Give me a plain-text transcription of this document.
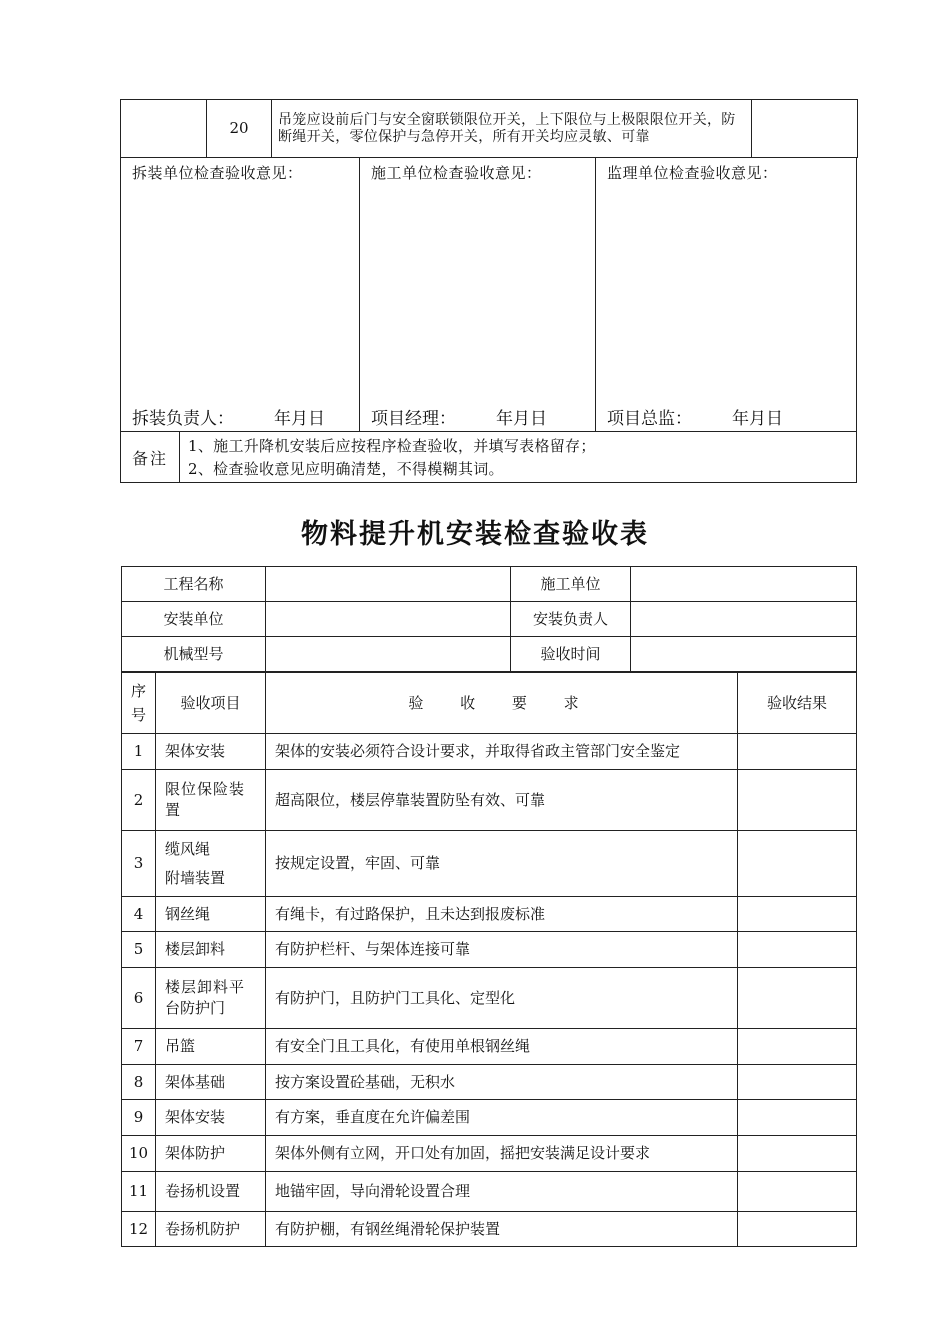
	20	吊笼应设前后门与安全窗联锁限位开关，上下限位与上极限限位开关，防断绳开关，零位保护与急停开关，所有开关均应灵敏、可靠	
拆装单位检查验收意见：
拆装负责人： 年月日
施工单位检查验收意见：
项目经理： 年月日
监理单位检查验收意见：
项目总监： 年月日
备注
1、施工升降机安装后应按程序检查验收，并填写表格留存；
2、检查验收意见应明确清楚，不得模糊其词。
物料提升机安装检查验收表
工程名称		施工单位	
安装单位		安装负责人	
机械型号		验收时间	
序
号	验收项目	验 收 要 求	验收结果
1	架体安装	架体的安装必须符合设计要求，并取得省政主管部门安全鉴定	
2	限位保险装
置	超高限位，楼层停靠装置防坠有效、可靠	
3	缆风绳
附墙装置	按规定设置，牢固、可靠	
4	钢丝绳	有绳卡，有过路保护，且未达到报废标准	
5	楼层卸料	有防护栏杆、与架体连接可靠	
6	楼层卸料平
台防护门	有防护门，且防护门工具化、定型化	
7	吊篮	有安全门且工具化，有使用单根钢丝绳	
8	架体基础	按方案设置砼基础，无积水	
9	架体安装	有方案，垂直度在允许偏差围	
10	架体防护	架体外侧有立网，开口处有加固，摇把安装满足设计要求	
11	卷扬机设置	地锚牢固，导向滑轮设置合理	
12	卷扬机防护	有防护棚，有钢丝绳滑轮保护装置	
